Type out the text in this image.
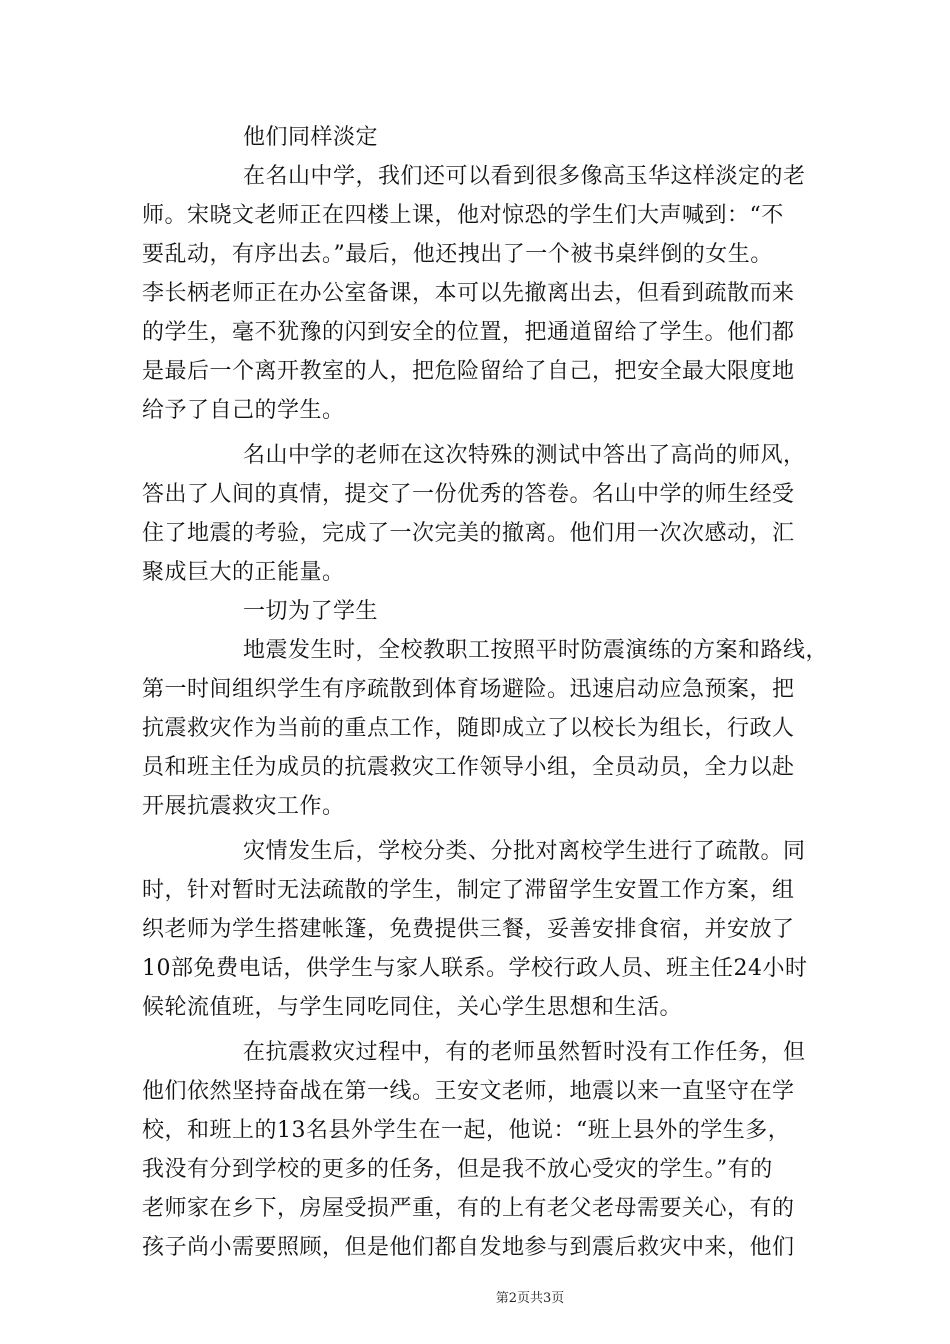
他们同样淡定
在名山中学，我们还可以看到很多像高玉华这样淡定的老
师。宋晓文老师正在四楼上课，他对惊恐的学生们大声喊到：“不
要乱动，有序出去。”最后，他还拽出了一个被书桌绊倒的女生。
李长柄老师正在办公室备课，本可以先撤离出去，但看到疏散而来
的学生，毫不犹豫的闪到安全的位置，把通道留给了学生。他们都
是最后一个离开教室的人，把危险留给了自己，把安全最大限度地
给予了自己的学生。
名山中学的老师在这次特殊的测试中答出了高尚的师风，
答出了人间的真情，提交了一份优秀的答卷。名山中学的师生经受
住了地震的考验，完成了一次完美的撤离。他们用一次次感动，汇
聚成巨大的正能量。
一切为了学生
地震发生时，全校教职工按照平时防震演练的方案和路线，
第一时间组织学生有序疏散到体育场避险。迅速启动应急预案，把
抗震救灾作为当前的重点工作，随即成立了以校长为组长，行政人
员和班主任为成员的抗震救灾工作领导小组，全员动员，全力以赴
开展抗震救灾工作。
灾情发生后，学校分类、分批对离校学生进行了疏散。同
时，针对暂时无法疏散的学生，制定了滞留学生安置工作方案，组
织老师为学生搭建帐篷，免费提供三餐，妥善安排食宿，并安放了
10部免费电话，供学生与家人联系。学校行政人员、班主任24小时
候轮流值班，与学生同吃同住，关心学生思想和生活。
在抗震救灾过程中，有的老师虽然暂时没有工作任务，但
他们依然坚持奋战在第一线。王安文老师，地震以来一直坚守在学
校，和班上的13名县外学生在一起，他说：“班上县外的学生多，
我没有分到学校的更多的任务，但是我不放心受灾的学生。”有的
老师家在乡下，房屋受损严重，有的上有老父老母需要关心，有的
孩子尚小需要照顾，但是他们都自发地参与到震后救灾中来，他们
第2页共3页
